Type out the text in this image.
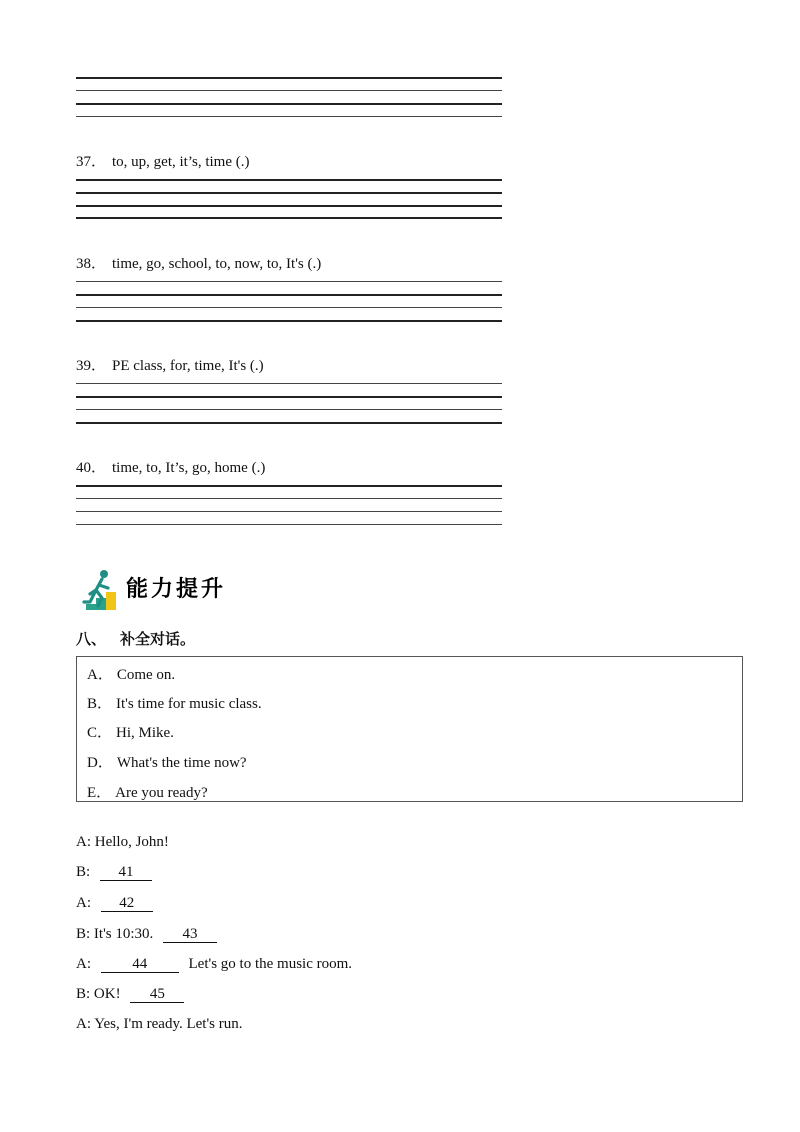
37． to, up, get, it’s, time (.)
38． time, go, school, to, now, to, It's (.)
39． PE class, for, time, It's (.)
40． time, to, It’s, go, home (.)
能力提升
八、 补全对话。
A． Come on.
B． It's time for music class.
C． Hi, Mike.
D． What's the time now?
E． Are you ready?
A: Hello, John!
B: 41
A: 42
B: It's 10:30. 43
A:	44	Let's go to the music room.
B: OK! 45
A: Yes, I'm ready. Let's run.
